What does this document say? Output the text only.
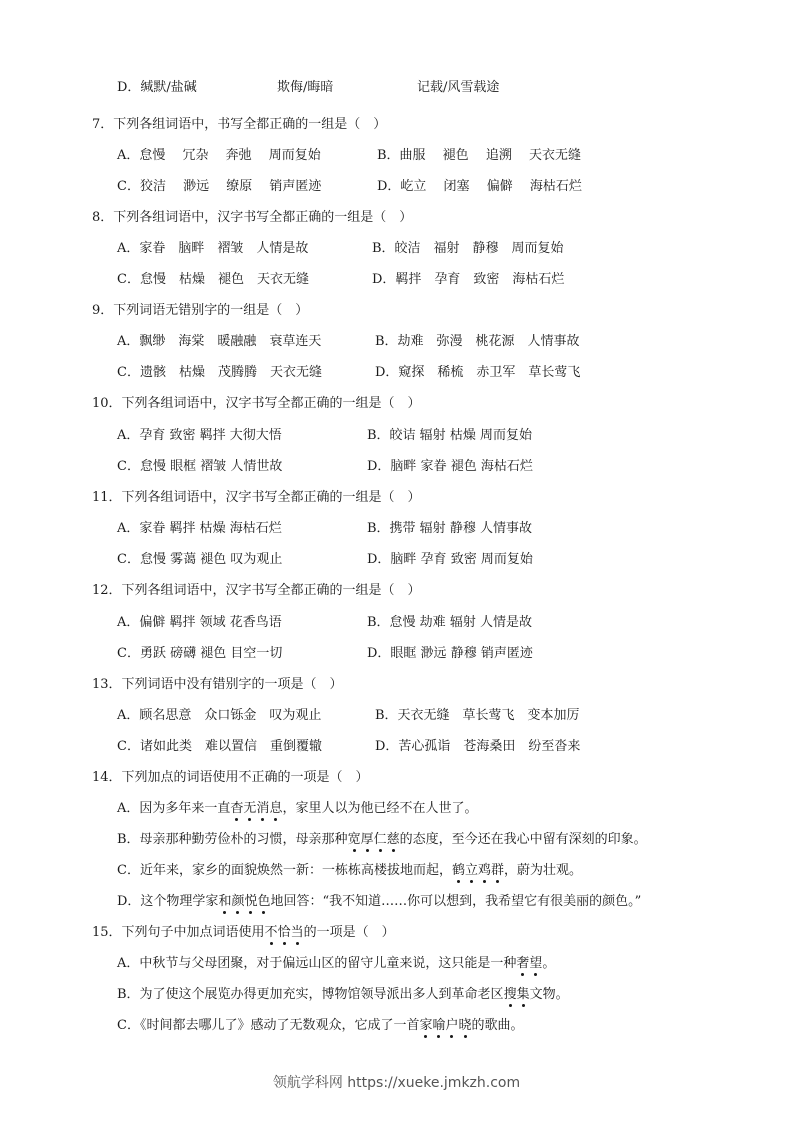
D．缄默/盐碱	欺侮/晦暗	记载/风雪载途
7．下列各组词语中，书写全都正确的一组是（　）
A．怠慢　 冗杂　 奔弛　 周而复始	B．曲服　 褪色　 追溯　 天衣无缝
C．狡洁　 渺远　 缭原　 销声匿迹	D．屹立　 闭塞　 偏僻　 海枯石烂
8．下列各组词语中，汉字书写全都正确的一组是（　）
A．家眷　脑畔　褶皱　人情是故	B．皎洁　福射　静穆　周而复始
C．怠慢　枯燥　褪色　天衣无缝	D．羁拌　孕育　致密　海枯石烂
9．下列词语无错别字的一组是（　）
A．飘缈　海棠　暖融融　衰草连天	B．劫难　弥漫　桃花源　人情事故
C．遗骸　枯燥　茂腾腾　天衣无缝	D．窥探　稀梳　赤卫军　草长莺飞
10．下列各组词语中，汉字书写全都正确的一组是（　）
A．孕育 致密 羁拌 大彻大悟	B．皎诘 辐射 枯燥 周而复始
C．怠慢 眼框 褶皱 人情世故	D．脑畔 家眷 褪色 海枯石烂
11．下列各组词语中，汉字书写全都正确的一组是（　）
A．家眷 羁拌 枯燥 海枯石烂	B．携带 辐射 静穆 人情事故
C．怠慢 雾蔼 褪色 叹为观止	D．脑畔 孕育 致密 周而复始
12．下列各组词语中，汉字书写全都正确的一组是（　）
A．偏僻 羁拌 领域 花香鸟语	B．怠慢 劫难 辐射 人情是故
C．勇跃 磅礴 褪色 目空一切	D．眼眶 渺远 静穆 销声匿迹
13．下列词语中没有错别字的一项是（　）
A．顾名思意　众口铄金　叹为观止	B．天衣无缝　草长莺飞　变本加厉
C．诸如此类　难以置信　重倒覆辙	D．苦心孤诣　苍海桑田　纷至沓来
14．下列加点的词语使用不正确的一项是（　）
A．因为多年来一直杳无消息，家里人以为他已经不在人世了。
B．母亲那种勤劳俭朴的习惯，母亲那种宽厚仁慈的态度，至今还在我心中留有深刻的印象。
C．近年来，家乡的面貌焕然一新：一栋栋高楼拔地而起，鹤立鸡群，蔚为壮观。
D．这个物理学家和颜悦色地回答：“我不知道……你可以想到，我希望它有很美丽的颜色。”
15．下列句子中加点词语使用不恰当的一项是（　）
A．中秋节与父母团聚，对于偏远山区的留守儿童来说，这只能是一种奢望。
B．为了使这个展览办得更加充实，博物馆领导派出多人到革命老区搜集文物。
C．《时间都去哪儿了》感动了无数观众，它成了一首家喻户晓的歌曲。
领航学科网 https://xueke.jmkzh.com
